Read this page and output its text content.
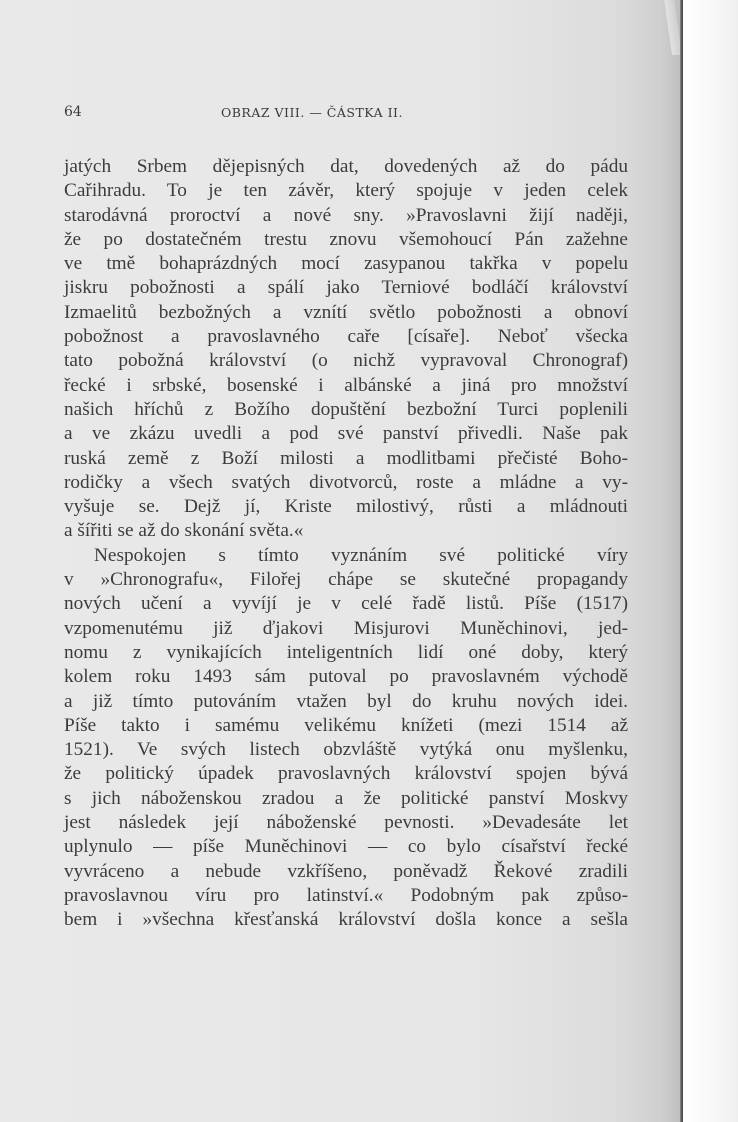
64	OBRAZ VIII. — ČÁSTKA II.
jatých Srbem dějepisných dat, dovedených až do pádu
Cařihradu. To je ten závěr, který spojuje v jeden celek
starodávná proroctví a nové sny. »Pravoslavni žijí naději,
že po dostatečném trestu znovu všemohoucí Pán zažehne
ve tmě bohaprázdných mocí zasypanou takřka v popelu
jiskru pobožnosti a spálí jako Terniové bodláčí království
Izmaelitů bezbožných a vznítí světlo pobožnosti a obnoví
pobožnost a pravoslavného caře [císaře]. Neboť všecka
tato pobožná království (o nichž vypravoval Chronograf)
řecké i srbské, bosenské i albánské a jiná pro množství
našich hříchů z Božího dopuštění bezbožní Turci poplenili
a ve zkázu uvedli a pod své panství přivedli. Naše pak
ruská země z Boží milosti a modlitbami přečisté Boho-
rodičky a všech svatých divotvorců, roste a mládne a vy-
vyšuje se. Dejž jí, Kriste milostivý, růsti a mládnouti
a šířiti se až do skonání světa.«
Nespokojen s tímto vyznáním své politické víry
v »Chronografu«, Filořej chápe se skutečné propagandy
nových učení a vyvíjí je v celé řadě listů. Píše (1517)
vzpomenutému již ďjakovi Misjurovi Muněchinovi, jed-
nomu z vynikajících inteligentních lidí oné doby, který
kolem roku 1493 sám putoval po pravoslavném východě
a již tímto putováním vtažen byl do kruhu nových idei.
Píše takto i samému velikému knížeti (mezi 1514 až
1521). Ve svých listech obzvláště vytýká onu myšlenku,
že politický úpadek pravoslavných království spojen bývá
s jich náboženskou zradou a že politické panství Moskvy
jest následek její náboženské pevnosti. »Devadesáte let
uplynulo — píše Muněchinovi — co bylo císařství řecké
vyvráceno a nebude vzkříšeno, poněvadž Řekové zradili
pravoslavnou víru pro latinství.« Podobným pak způso-
bem i »všechna křesťanská království došla konce a sešla
